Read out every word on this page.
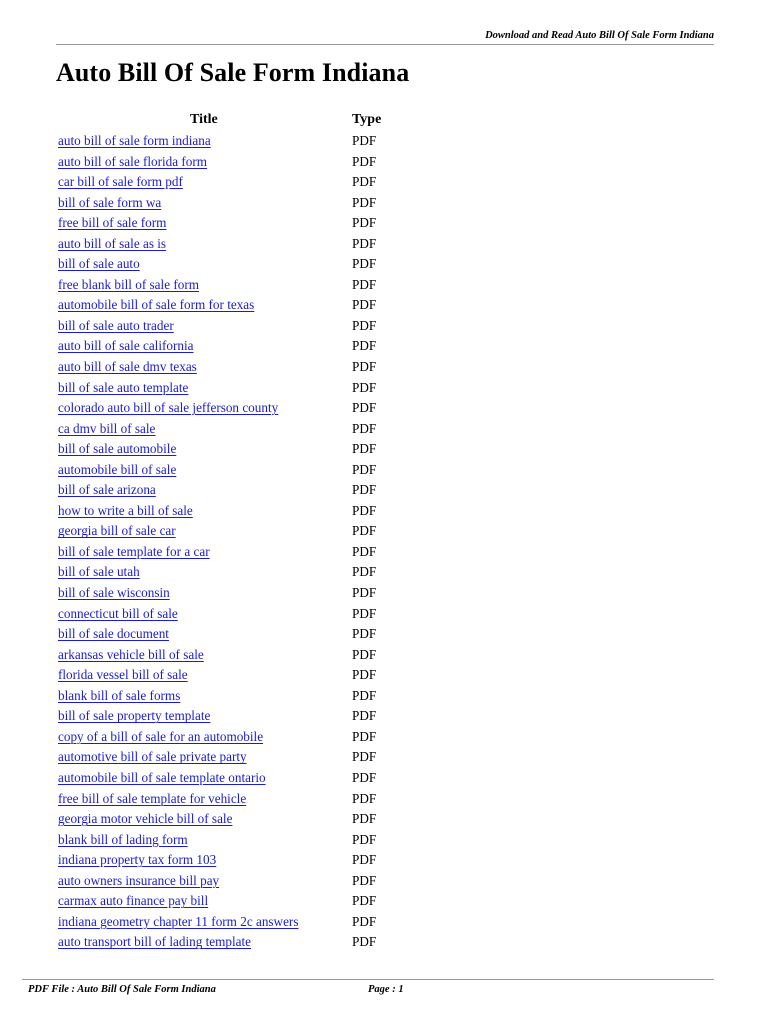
Download and Read Auto Bill Of Sale Form Indiana
Auto Bill Of Sale Form Indiana
Title	Type
auto bill of sale form indiana	PDF
auto bill of sale florida form	PDF
car bill of sale form pdf	PDF
bill of sale form wa	PDF
free bill of sale form	PDF
auto bill of sale as is	PDF
bill of sale auto	PDF
free blank bill of sale form	PDF
automobile bill of sale form for texas	PDF
bill of sale auto trader	PDF
auto bill of sale california	PDF
auto bill of sale dmv texas	PDF
bill of sale auto template	PDF
colorado auto bill of sale jefferson county	PDF
ca dmv bill of sale	PDF
bill of sale automobile	PDF
automobile bill of sale	PDF
bill of sale arizona	PDF
how to write a bill of sale	PDF
georgia bill of sale car	PDF
bill of sale template for a car	PDF
bill of sale utah	PDF
bill of sale wisconsin	PDF
connecticut bill of sale	PDF
bill of sale document	PDF
arkansas vehicle bill of sale	PDF
florida vessel bill of sale	PDF
blank bill of sale forms	PDF
bill of sale property template	PDF
copy of a bill of sale for an automobile	PDF
automotive bill of sale private party	PDF
automobile bill of sale template ontario	PDF
free bill of sale template for vehicle	PDF
georgia motor vehicle bill of sale	PDF
blank bill of lading form	PDF
indiana property tax form 103	PDF
auto owners insurance bill pay	PDF
carmax auto finance pay bill	PDF
indiana geometry chapter 11 form 2c answers	PDF
auto transport bill of lading template	PDF
PDF File : Auto Bill Of Sale Form Indiana	Page : 1
